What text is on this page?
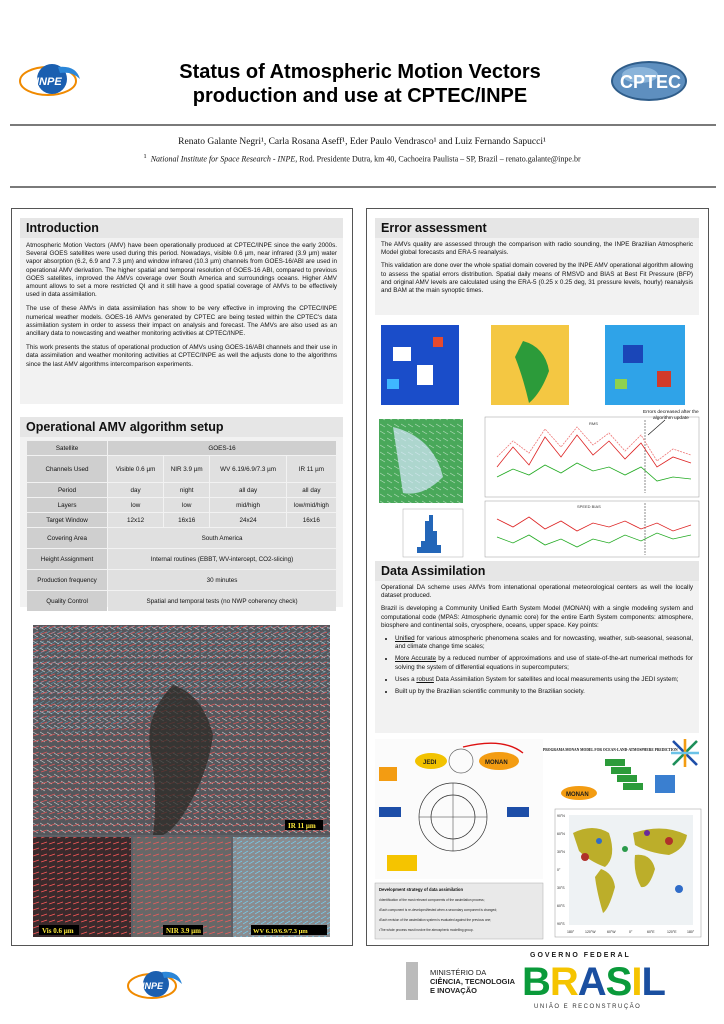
INPE	Status of Atmospheric Motion Vectors
production and use at CPTEC/INPE
CPTEC
Renato Galante Negri¹, Carla Rosana Aseff¹, Eder Paulo Vendrasco¹ and Luiz Fernando Sapucci¹
$^1$ National Institute for Space Research - INPE, Rod. Presidente Dutra, km 40, Cachoeira Paulista – SP, Brazil – renato.galante@inpe.br
Introduction

Atmospheric Motion Vectors (AMV) have been operationally produced at CPTEC/INPE since the early 2000s. Several GOES satellites were used during this period. Nowadays, visible 0.6 µm, near infrared (3.9 µm) water vapor absorption (6.2, 6.9 and 7.3 µm) and window infrared (10.3 µm) channels from GOES-16/ABI are used in operational AMV derivation. The higher spatial and temporal resolution of GOES-16 ABI, compared to previous GOES satellites, improved the AMVs coverage over South America and surroundings oceans. Higher AMV amount allows to set a more restricted QI and it still have a good spatial coverage of AMVs to be effectively used in data assimilation.

The use of these AMVs in data assimilation has show to be very effective in improving the CPTEC/INPE numerical weather models. GOES-16 AMVs generated by CPTEC are being tested within the CPTEC's data assimilation system in order to assess their impact on analysis and forecast. The AMVs are also used as an ancillary data to nowcasting and weather monitoring activities at CPTEC/INPE.

This work presents the status of operational production of AMVs using GOES-16/ABI channels and their use in data assimilation and weather monitoring activities at CPTEC/INPE as well the adjusts done to the algorithms since the last AMV algorithms intercomparison experiments.

Operational AMV algorithm setup
Satellite	GOES-16			
Channels Used	Visible 0.6 µm	NIR 3.9 µm	WV 6.19/6.9/7.3 µm	IR 11 µm
Period	day	night	all day	all day
Layers	low	low	mid/high	low/mid/high
Target Window	12x12	16x16	24x24	16x16
Covering Area	South America			
Height Assignment	Internal routines (EBBT, WV-intercept, CO2-slicing)			
Production frequency	30 minutes			
Quality Control	Spatial and temporal tests (no NWP coherency check)			
IR 11 µm
Vis 0.6 µm	NIR 3.9 µm	WV 6.19/6.9/7.3 µm
Error assessment

The AMVs quality are assessed through the comparison with radio sounding, the INPE Brazilian Atmospheric Model global forecasts and ERA-5 reanalysis.

This validation are done over the whole spatial domain covered by the INPE AMV operational algorithm allowing to assess the spatial errors distribution. Spatial daily means of RMSVD and BIAS at Best Fit Pressure (BFP) and original AMV levels are calculated using the ERA-5 (0.25 x 0.25 deg, 31 pressure levels, hourly) reanalysis and BAM at the main synoptic times.

RMS
SPEED BIAS
Errors decreased after the
algorithm update
Data Assimilation

Operational DA scheme uses AMVs from intenational operational meteorological centers as well the locally dataset produced.

Brazil is developing a Community Unified Earth System Model (MONAN) with a single modeling system and computational code (MPAS: Atmospheric dynamic core) for the entire Earth System components: atmosphere, biosphere and continental soils, cryosphere, oceans, upper space. Key points:

• Unified for various atmospheric phenomena scales and for nowcasting, weather, sub-seasonal, seasonal, and climate change time scales;
• More Accurate by a reduced number of approximations and use of state-of-the-art numerical methods for solving the system of differential equations in supercomputers;
• Uses a robust Data Assimilation System for satellites and local measurements using the JEDI system;
• Built up by the Brazilian scientific community to the Brazilian society.
JEDI	MONAN
Development strategy of data assimilation
•Identification of the most relevant components of the assimilation process;
•Each component is re-developed/tested when a secondary component is changed;
•Each revision of the assimilation system is evaluated against the previous one;
•The whole process must involve the atmospheric modelling group.
PROGRAMA MONAN MODEL FOR OCEAN-LAND-ATMOSPHERE PREDICTION
MONAN
90°N
60°N
30°N
0°
30°S
60°S
90°S
180°	120°W	60°W	0°	60°E	120°E	180°
INPE
MINISTÉRIO DA
CIÊNCIA, TECNOLOGIA
E INOVAÇÃO
GOVERNO FEDERAL
BRASIL
UNIÃO E RECONSTRUÇÃO
